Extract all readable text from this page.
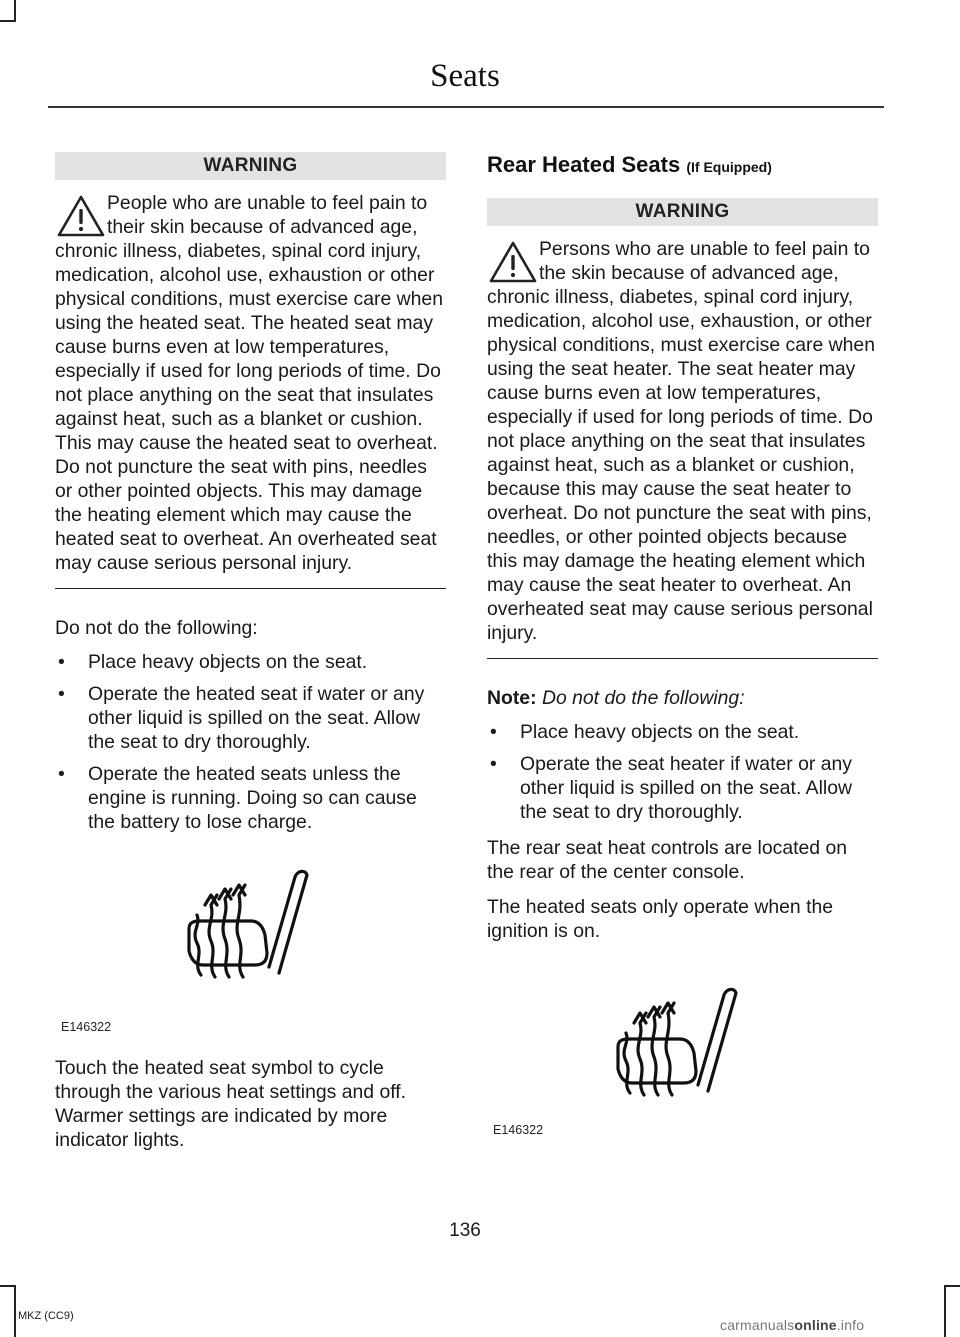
Seats
WARNING

People who are unable to feel pain to their skin because of advanced age, chronic illness, diabetes, spinal cord injury, medication, alcohol use, exhaustion or other physical conditions, must exercise care when using the heated seat. The heated seat may cause burns even at low temperatures, especially if used for long periods of time. Do not place anything on the seat that insulates against heat, such as a blanket or cushion. This may cause the heated seat to overheat. Do not puncture the seat with pins, needles or other pointed objects. This may damage the heating element which may cause the heated seat to overheat. An overheated seat may cause serious personal injury.

Do not do the following:

• Place heavy objects on the seat.
• Operate the heated seat if water or any other liquid is spilled on the seat. Allow the seat to dry thoroughly.
• Operate the heated seats unless the engine is running. Doing so can cause the battery to lose charge.
E146322

Touch the heated seat symbol to cycle through the various heat settings and off. Warmer settings are indicated by more indicator lights.

Rear Heated Seats (If Equipped)
WARNING

Persons who are unable to feel pain to the skin because of advanced age, chronic illness, diabetes, spinal cord injury, medication, alcohol use, exhaustion, or other physical conditions, must exercise care when using the seat heater. The seat heater may cause burns even at low temperatures, especially if used for long periods of time. Do not place anything on the seat that insulates against heat, such as a blanket or cushion, because this may cause the seat heater to overheat. Do not puncture the seat with pins, needles, or other pointed objects because this may damage the heating element which may cause the seat heater to overheat. An overheated seat may cause serious personal injury.

Note: Do not do the following:

• Place heavy objects on the seat.
• Operate the seat heater if water or any other liquid is spilled on the seat. Allow the seat to dry thoroughly.

The rear seat heat controls are located on the rear of the center console.

The heated seats only operate when the ignition is on.

E146322
136
MKZ (CC9)
carmanualsonline.info
